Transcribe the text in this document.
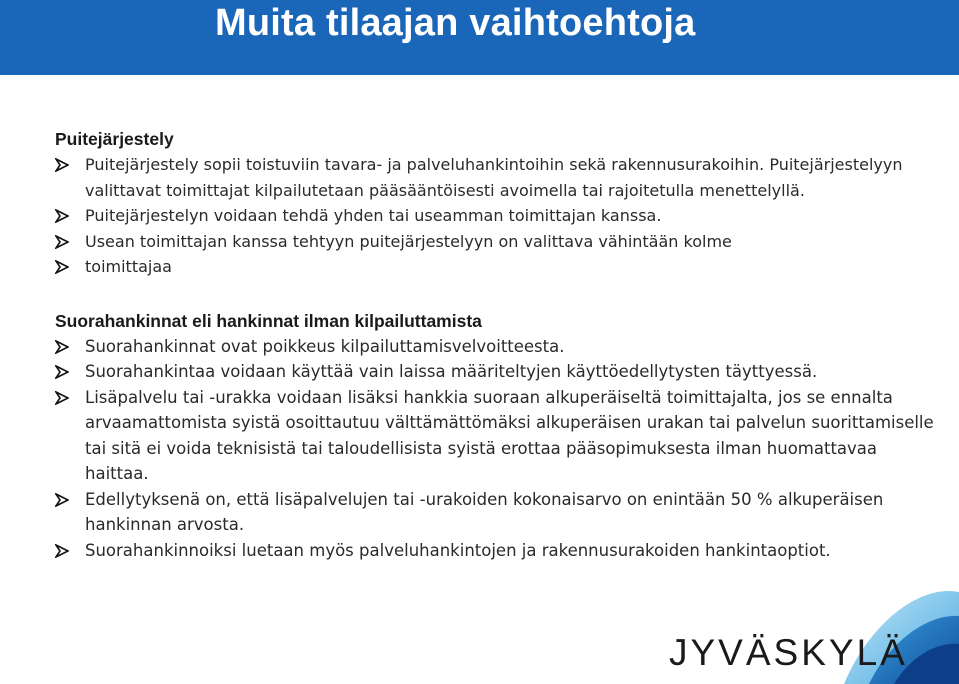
Muita tilaajan vaihtoehtoja

Puitejärjestely

Puitejärjestely sopii toistuviin tavara- ja palveluhankintoihin sekä rakennusurakoihin. Puitejärjestelyyn valittavat toimittajat kilpailutetaan pääsääntöisesti avoimella tai rajoitetulla menettelyllä.
Puitejärjestelyn voidaan tehdä yhden tai useamman toimittajan kanssa.
Usean toimittajan kanssa tehtyyn puitejärjestelyyn on valittava vähintään kolme
toimittajaa

Suorahankinnat eli hankinnat ilman kilpailuttamista

Suorahankinnat ovat poikkeus kilpailuttamisvelvoitteesta.
Suorahankintaa voidaan käyttää vain laissa määriteltyjen käyttöedellytysten täyttyessä.
Lisäpalvelu tai -urakka voidaan lisäksi hankkia suoraan alkuperäiseltä toimittajalta, jos se ennalta arvaamattomista syistä osoittautuu välttämättömäksi alkuperäisen urakan tai palvelun suorittamiselle tai sitä ei voida teknisistä tai taloudellisista syistä erottaa pääsopimuksesta ilman huomattavaa haittaa.
Edellytyksenä on, että lisäpalvelujen tai -urakoiden kokonaisarvo on enintään 50 % alkuperäisen hankinnan arvosta.
Suorahankinnoiksi luetaan myös palveluhankintojen ja rakennusurakoiden hankintaoptiot.
JYVÄSKYLÄ
